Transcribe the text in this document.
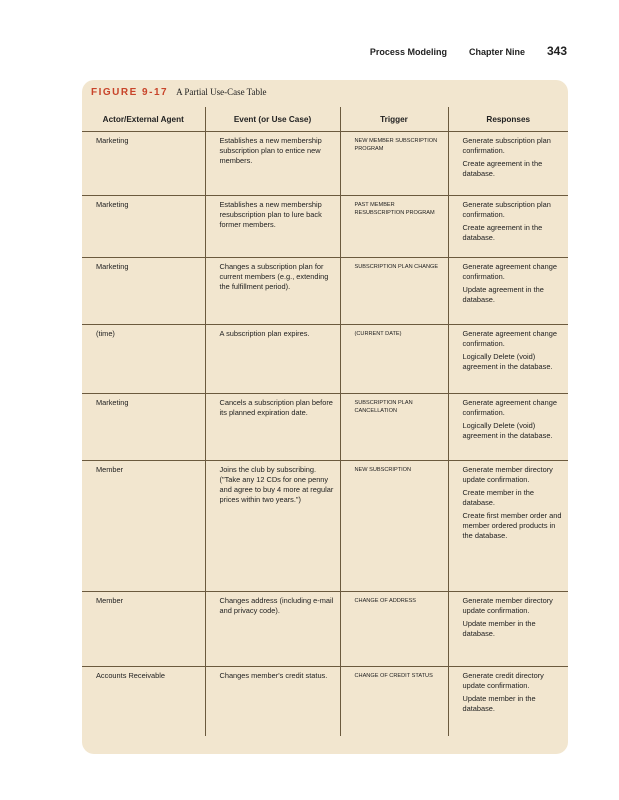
Process Modeling Chapter Nine 343
FIGURE 9-17 A Partial Use-Case Table
Actor/External Agent	Event (or Use Case)	Trigger	Responses
Marketing	Establishes a new membership subscription plan to entice new members.	NEW MEMBER SUBSCRIPTION PROGRAM	Generate subscription plan confirmation.
Create agreement in the database.

Marketing	Establishes a new membership resubscription plan to lure back former members.	PAST MEMBER RESUBSCRIPTION PROGRAM	Generate subscription plan confirmation.
Create agreement in the database.

Marketing	Changes a subscription plan for current members (e.g., extending the fulfillment period).	SUBSCRIPTION PLAN CHANGE	Generate agreement change confirmation.
Update agreement in the database.

(time)	A subscription plan expires.	(CURRENT DATE)	Generate agreement change confirmation.
Logically Delete (void) agreement in the database.

Marketing	Cancels a subscription plan before its planned expiration date.	SUBSCRIPTION PLAN CANCELLATION	Generate agreement change confirmation.
Logically Delete (void) agreement in the database.

Member	Joins the club by subscribing. ("Take any 12 CDs for one penny and agree to buy 4 more at regular prices within two years.")	NEW SUBSCRIPTION	Generate member directory update confirmation.
Create member in the database.
Create first member order and member ordered products in the database.

Member	Changes address (including e-mail and privacy code).	CHANGE OF ADDRESS	Generate member directory update confirmation.
Update member in the database.

Accounts Receivable	Changes member's credit status.	CHANGE OF CREDIT STATUS	Generate credit directory update confirmation.
Update member in the database.
